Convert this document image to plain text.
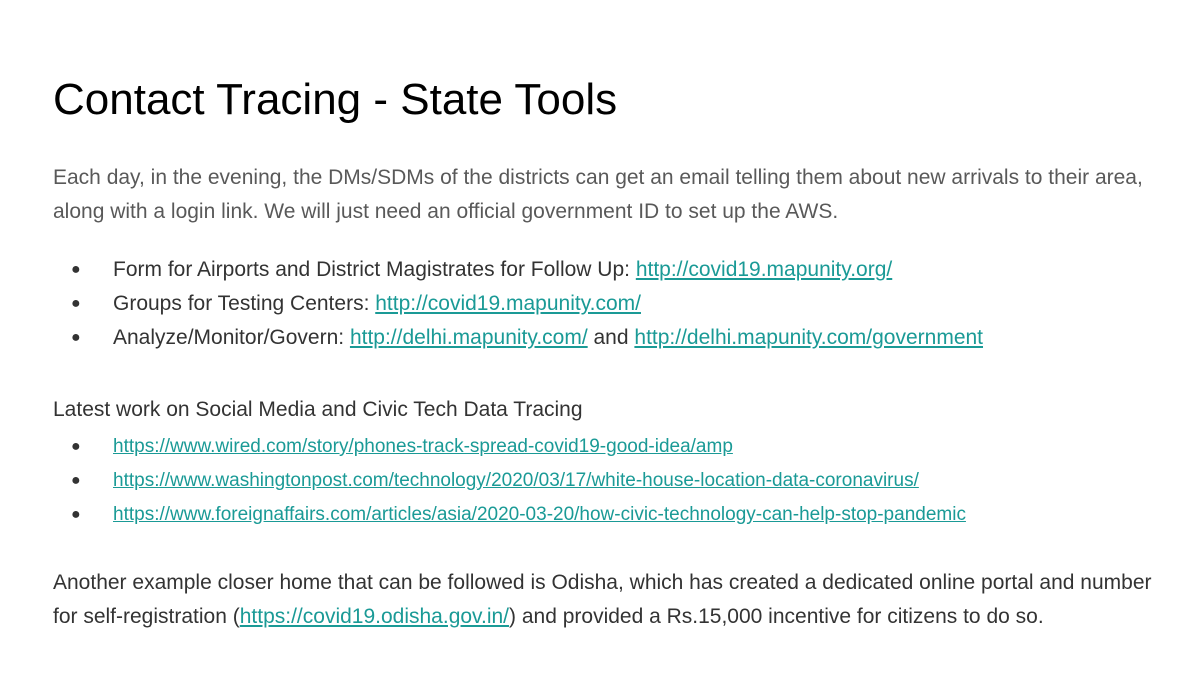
Contact Tracing - State Tools
Each day, in the evening, the DMs/SDMs of the districts can get an email telling them about new arrivals to their area, along with a login link. We will just need an official government ID to set up the AWS.
● Form for Airports and District Magistrates for Follow Up: http://covid19.mapunity.org/
● Groups for Testing Centers: http://covid19.mapunity.com/
● Analyze/Monitor/Govern: http://delhi.mapunity.com/ and http://delhi.mapunity.com/government
Latest work on Social Media and Civic Tech Data Tracing
● https://www.wired.com/story/phones-track-spread-covid19-good-idea/amp
● https://www.washingtonpost.com/technology/2020/03/17/white-house-location-data-coronavirus/
● https://www.foreignaffairs.com/articles/asia/2020-03-20/how-civic-technology-can-help-stop-pandemic
Another example closer home that can be followed is Odisha, which has created a dedicated online portal and number for self-registration (https://covid19.odisha.gov.in/) and provided a Rs.15,000 incentive for citizens to do so.
